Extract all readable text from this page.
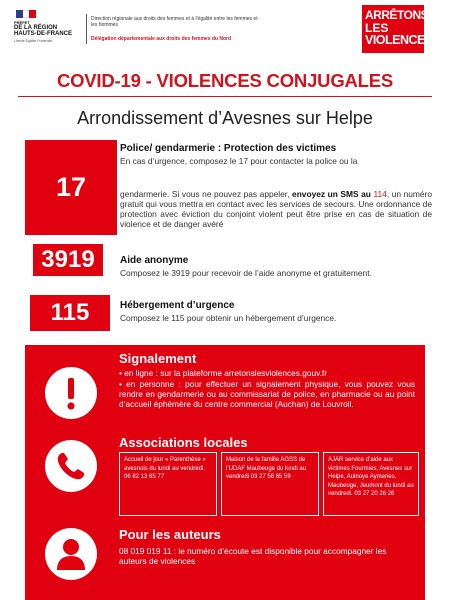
PRÉFET
DE LA RÉGION
HAUTS-DE-FRANCE
Liberté Égalité Fraternité
Direction régionale aux droits des femmes et à l'égalité entre les femmes et les hommes
Délégation départementale aux droits des femmes du Nord
ARRÊTONS
LES
VIOLENCES
COVID-19 - VIOLENCES CONJUGALES
Arrondissement d’Avesnes sur Helpe
17
Police/ gendarmerie : Protection des victimes
En cas d’urgence, composez le 17 pour contacter la police ou la
gendarmerie. Si vous ne pouvez pas appeler, envoyez un SMS au 114, un numéro gratuit qui vous mettra en contact avec les services de secours. Une ordonnance de protection avec éviction du conjoint violent peut être prise en cas de situation de violence et de danger avéré
3919	Aide anonyme
Composez le 3919 pour recevoir de l’aide anonyme et gratuitement.
115	Hébergement d’urgence
Composez le 115 pour obtenir un hébergement d’urgence.
Signalement
• en ligne : sur la plateforme arretonslesviolences.gouv.fr
• en personne : pour effectuer un signalement physique, vous pouvez vous rendre en gendarmerie ou au commissariat de police, en pharmacie ou au point d’accueil éphémère du centre commercial (Auchan) de Louvroil.
Associations locales
Accueil de jour « Parenthèse » avesnois du lundi au vendredi. 06 82 13 65 77
Maison de la famille AGSS de l’UDAF Maubeuge du lundi au vendredi 03 27 56 65 59
AJAR service d’aide aux victimes Fourmies, Avesnes sur Helpe, Aulnoye Aymeries, Maubeuge, Jeumont du lundi au vendredi. 03 27 20 26 26
Pour les auteurs
08 019 019 11 : le numéro d’écoute est disponible pour accompagner les auteurs de violences
